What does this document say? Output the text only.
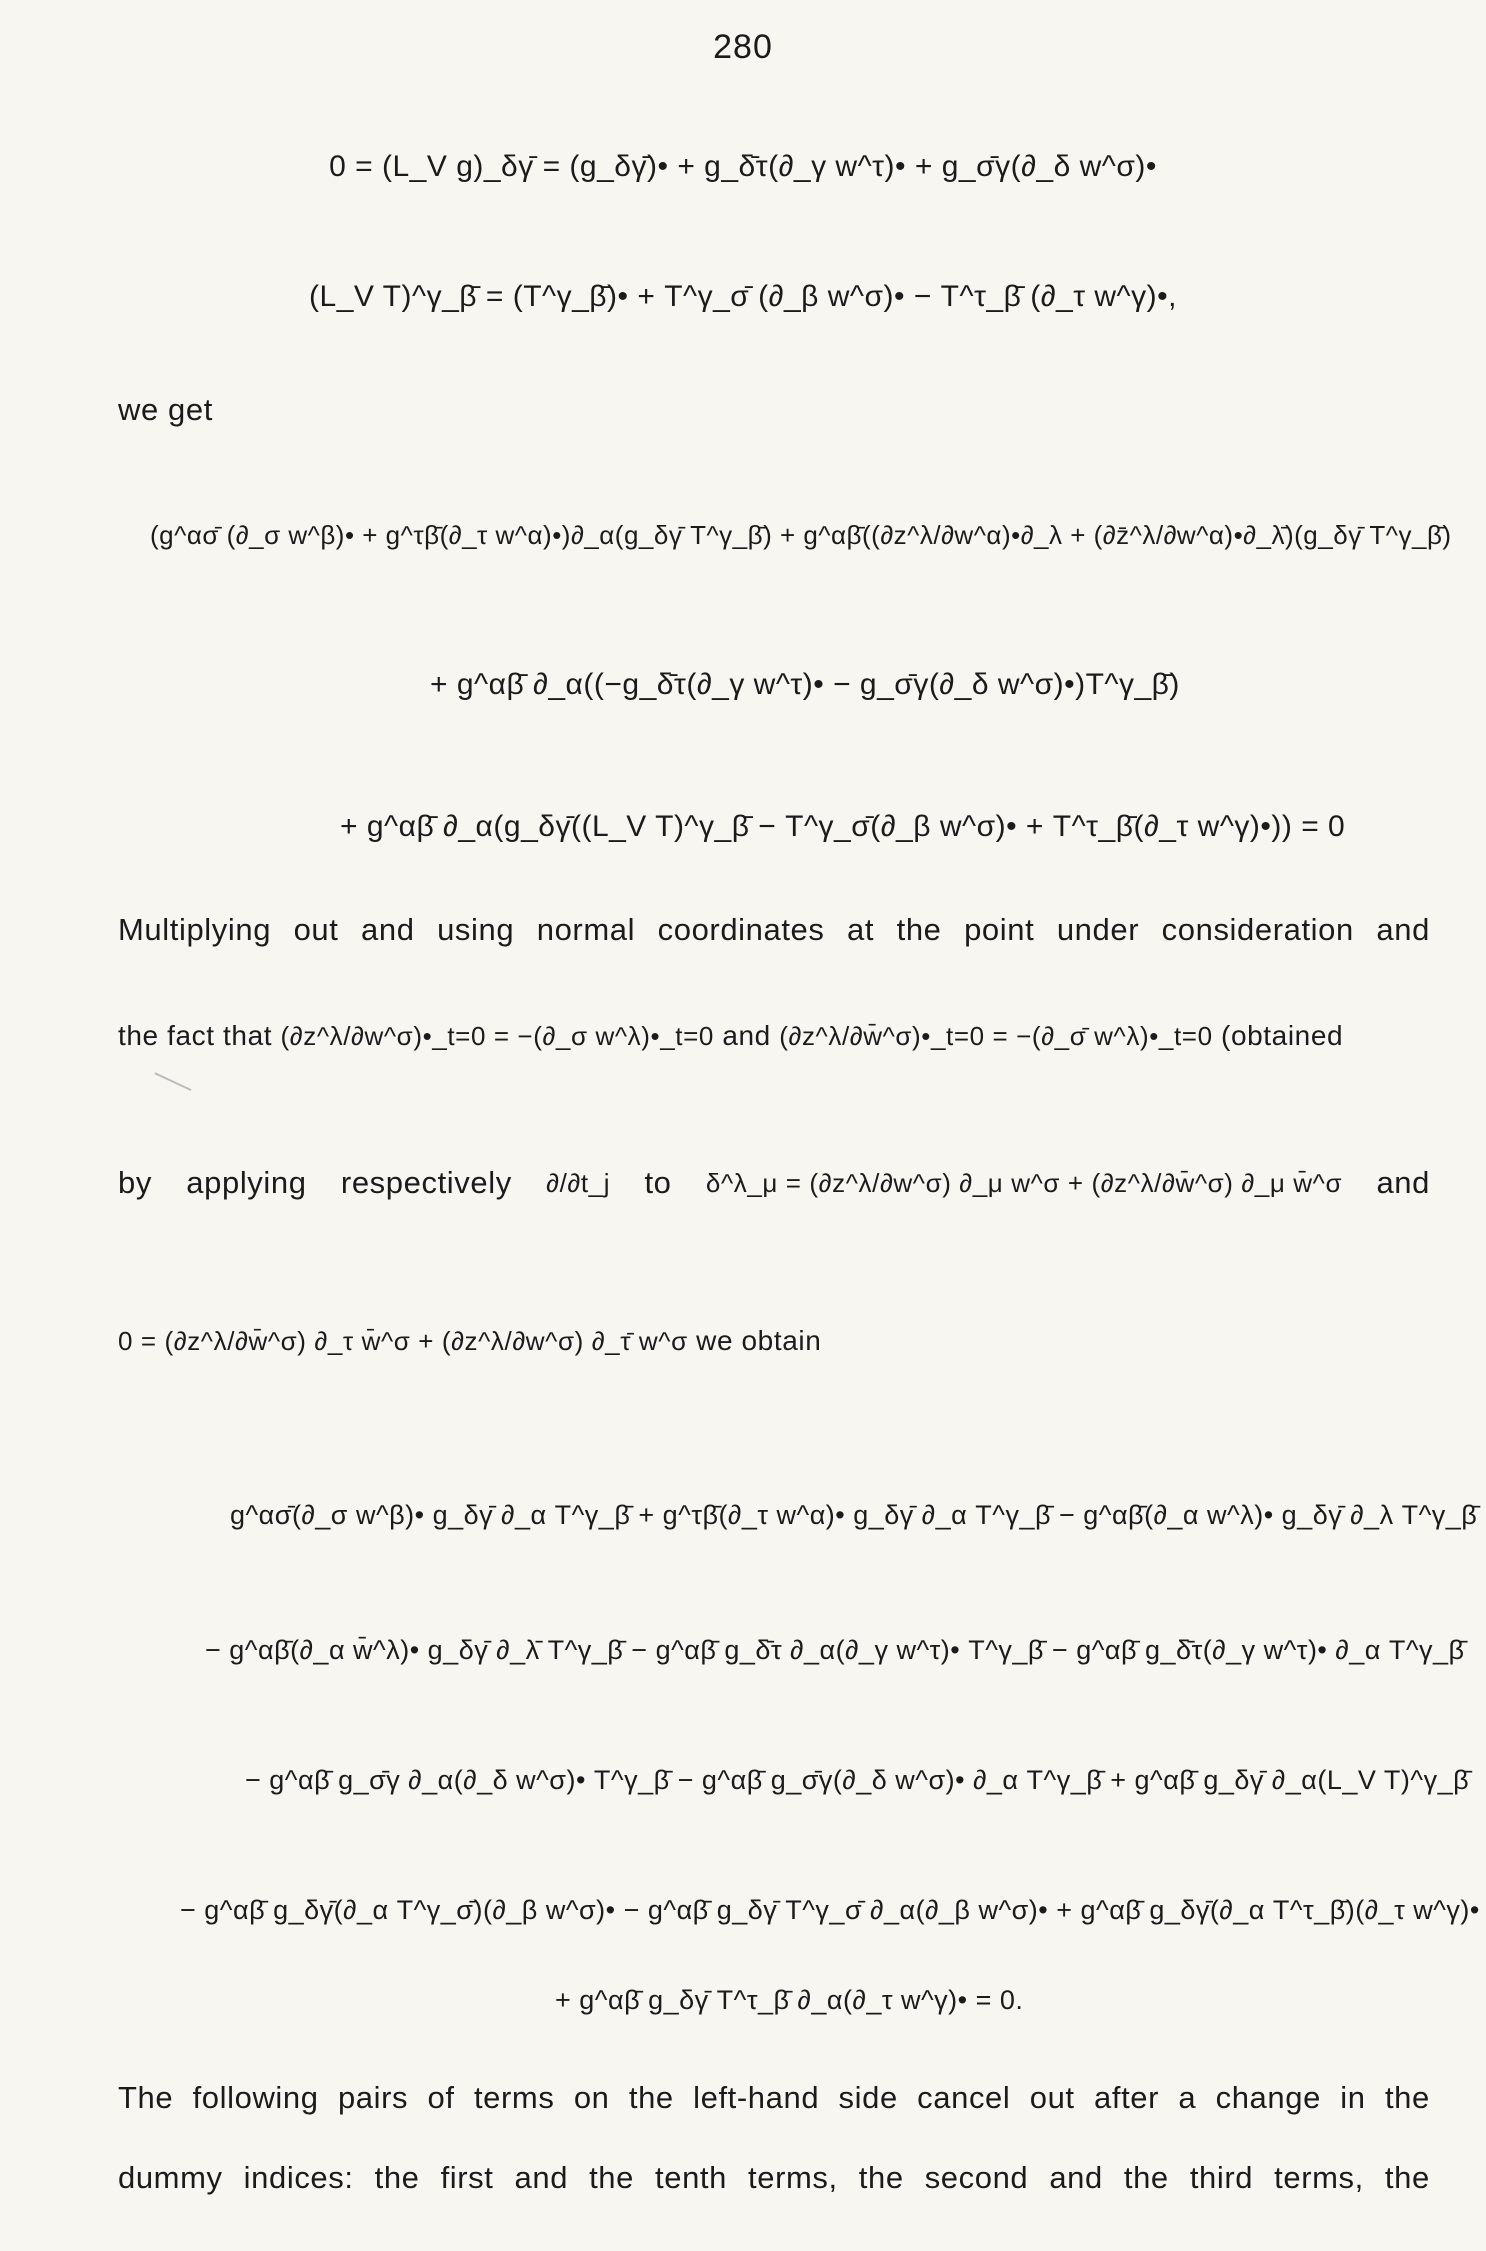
280
0 = (L_V g)_δγ̄ = (g_δγ̄)• + g_δ̄τ(∂_γ w^τ)• + g_σ̄γ(∂_δ w^σ)•
(L_V T)^γ_β̄ = (T^γ_β̄)• + T^γ_σ̄ (∂_β w^σ)• − T^τ_β̄ (∂_τ w^γ)•,
we get
(g^ασ̄ (∂_σ w^β)• + g^τβ̄(∂_τ w^α)•)∂_α(g_δγ̄ T^γ_β̄) + g^αβ̄((∂z^λ/∂w^α)•∂_λ + (∂z̄^λ/∂w^α)•∂_λ̄)(g_δγ̄ T^γ_β̄)
+ g^αβ̄ ∂_α((−g_δ̄τ(∂_γ w^τ)• − g_σ̄γ(∂_δ w^σ)•)T^γ_β̄)
+ g^αβ̄ ∂_α(g_δγ̄((L_V T)^γ_β̄ − T^γ_σ̄(∂_β w^σ)• + T^τ_β̄(∂_τ w^γ)•)) = 0
Multiplying out and using normal coordinates at the point under consideration and
the fact that (∂z^λ/∂w^σ)•_t=0 = −(∂_σ w^λ)•_t=0 and (∂z^λ/∂w̄^σ)•_t=0 = −(∂_σ̄ w^λ)•_t=0 (obtained
by applying respectively ∂/∂t_j to δ^λ_μ = (∂z^λ/∂w^σ) ∂_μ w^σ + (∂z^λ/∂w̄^σ) ∂_μ w̄^σ and
0 = (∂z^λ/∂w̄^σ) ∂_τ w̄^σ + (∂z^λ/∂w^σ) ∂_τ̄ w^σ we obtain
g^ασ̄(∂_σ w^β)• g_δγ̄ ∂_α T^γ_β̄ + g^τβ̄(∂_τ w^α)• g_δγ̄ ∂_α T^γ_β̄ − g^αβ̄(∂_α w^λ)• g_δγ̄ ∂_λ T^γ_β̄
− g^αβ̄(∂_α w̄^λ)• g_δγ̄ ∂_λ̄ T^γ_β̄ − g^αβ̄ g_δ̄τ ∂_α(∂_γ w^τ)• T^γ_β̄ − g^αβ̄ g_δ̄τ(∂_γ w^τ)• ∂_α T^γ_β̄
− g^αβ̄ g_σ̄γ ∂_α(∂_δ w^σ)• T^γ_β̄ − g^αβ̄ g_σ̄γ(∂_δ w^σ)• ∂_α T^γ_β̄ + g^αβ̄ g_δγ̄ ∂_α(L_V T)^γ_β̄
− g^αβ̄ g_δγ̄(∂_α T^γ_σ̄)(∂_β w^σ)• − g^αβ̄ g_δγ̄ T^γ_σ̄ ∂_α(∂_β w^σ)• + g^αβ̄ g_δγ̄(∂_α T^τ_β̄)(∂_τ w^γ)•
+ g^αβ̄ g_δγ̄ T^τ_β̄ ∂_α(∂_τ w^γ)• = 0.
The following pairs of terms on the left-hand side cancel out after a change in the
dummy indices: the first and the tenth terms, the second and the third terms, the
